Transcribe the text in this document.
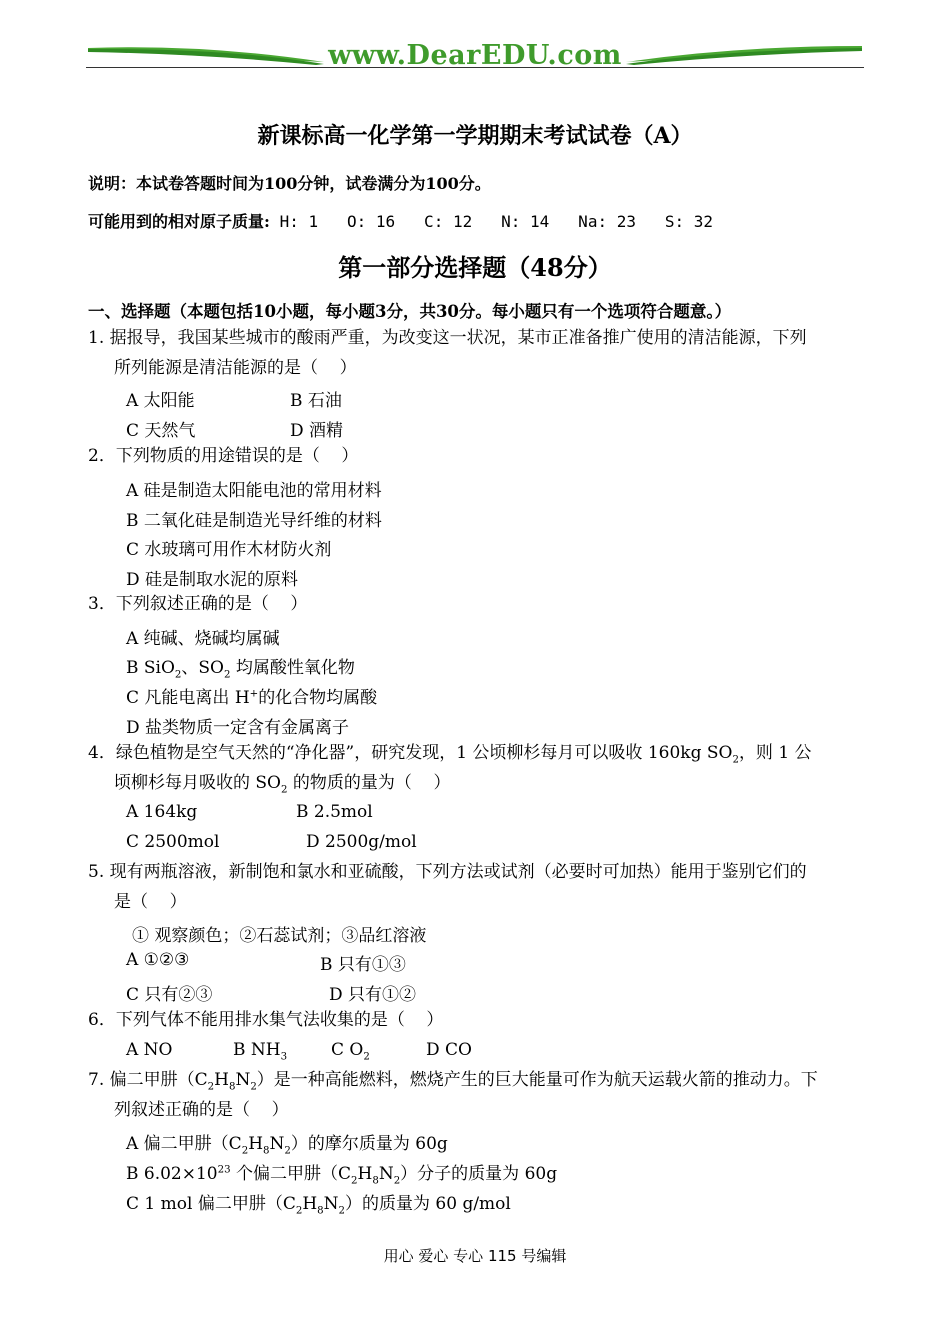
www.DearEDU.com
新课标高一化学第一学期期末考试试卷（A）
说明：本试卷答题时间为100分钟，试卷满分为100分。
可能用到的相对原子质量: H: 1   O: 16   C: 12   N: 14   Na: 23   S: 32
第一部分选择题（48分）
一、选择题（本题包括10小题，每小题3分，共30分。每小题只有一个选项符合题意。）
1. 据报导，我国某些城市的酸雨严重，为改变这一状况，某市正准备推广使用的清洁能源，下列
所列能源是清洁能源的是（    ）
A 太阳能	B 石油
C 天然气	D 酒精
2．下列物质的用途错误的是（    ）
A 硅是制造太阳能电池的常用材料
B 二氧化硅是制造光导纤维的材料
C 水玻璃可用作木材防火剂
D 硅是制取水泥的原料
3．下列叙述正确的是（    ）
A 纯碱、烧碱均属碱
B SiO$_2$、$SO_2$ 均属酸性氧化物
C 凡能电离出 H+的化合物均属酸
D 盐类物质一定含有金属离子
4．绿色植物是空气天然的“净化器”，研究发现，1 公顷柳杉每月可以吸收 160kg $SO_2$，则 1 公
顷柳杉每月吸收的 $SO_2$ 的物质的量为（    ）
A 164kg	B 2.5mol
C 2500mol	D 2500g/mol
5. 现有两瓶溶液，新制饱和氯水和亚硫酸，下列方法或试剂（必要时可加热）能用于鉴别它们的
是（    ）
① 观察颜色；②石蕊试剂；③品红溶液
A ①②③	B 只有①③
C 只有②③	D 只有①②
6．下列气体不能用排水集气法收集的是（    ）
A NO	B $NH_3$	C $O_2$	D CO
7. 偏二甲肼$(C_2H_8N_2)$是一种高能燃料，燃烧产生的巨大能量可作为航天运载火箭的推动力。下
列叙述正确的是（    ）
A 偏二甲肼$(C_2H_8N_2)$的摩尔质量为 60g
B $6.02\times 10^{23}$ 个偏二甲肼$(C_2H_8N_2)$分子的质量为 60g
C 1 mol 偏二甲肼$(C_2H_8N_2)$的质量为 60 g/mol
用心 爱心 专心 115 号编辑
